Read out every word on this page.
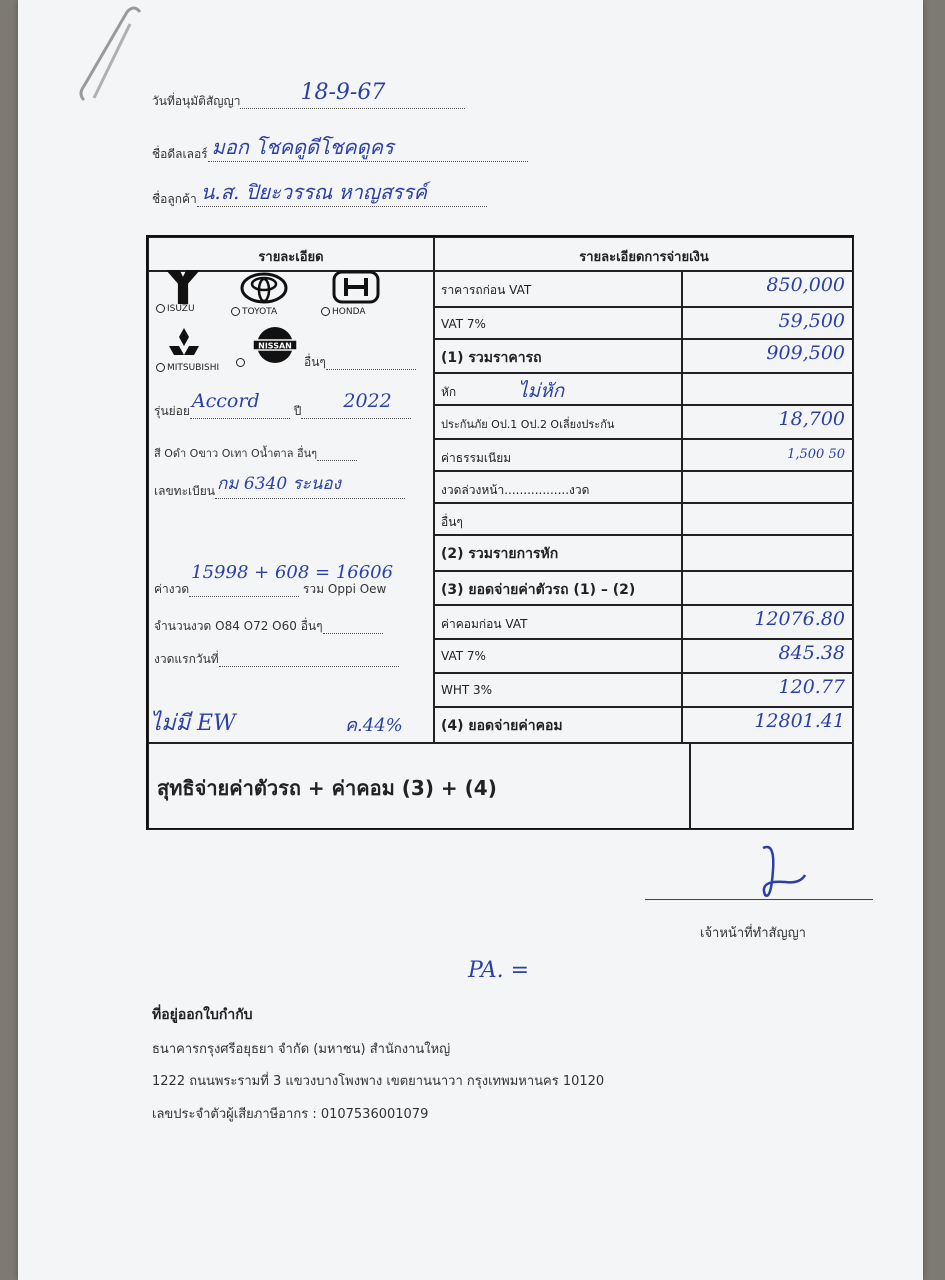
วันที่อนุมัติสัญญา	18-9-67

ชื่อดีลเลอร์ มอก โชคดูดีโชคดูคร

ชื่อลูกค้า น.ส. ปิยะวรรณ หาญสรรค์

รายละเอียด	รายละเอียดการจ่ายเงิน
ราคารถก่อน VAT	850,000
VAT 7%	59,500
(1) รวมราคารถ	909,500
หัก	ไม่หัก
ประกันภัย Oป.1 Oป.2 Oเลี่ยงประกัน	18,700
ค่าธรรมเนียม	1,500 50
งวดล่วงหน้า.................งวด
อื่นๆ
(2) รวมรายการหัก
(3) ยอดจ่ายค่าตัวรถ (1) – (2)
ค่าคอมก่อน VAT	12076.80
VAT 7%	845.38
WHT 3%	120.77
(4) ยอดจ่ายค่าคอม	12801.41
สุทธิจ่ายค่าตัวรถ + ค่าคอม (3) + (4)
ISUZU	TOYOTA	HONDA

MITSUBISHI

NISSAN
อื่นๆ
รุ่นย่อย Accord	ปี 2022

สี Oดำ Oขาว Oเทา Oน้ำตาล อื่นๆ
เลขทะเบียน กม 6340 ระนอง

ค่างวด
15998 + 608 = 16606
รวม Oppi Oew
จำนวนงวด O84 O72 O60 อื่นๆ
งวดแรกวันที่
ไม่มี EW	ค.44%
เจ้าหน้าที่ทำสัญญา
PA. =
ที่อยู่ออกใบกำกับ
ธนาคารกรุงศรีอยุธยา จำกัด (มหาชน) สำนักงานใหญ่
1222 ถนนพระรามที่ 3 แขวงบางโพงพาง เขตยานนาวา กรุงเทพมหานคร 10120
เลขประจำตัวผู้เสียภาษีอากร : 0107536001079
